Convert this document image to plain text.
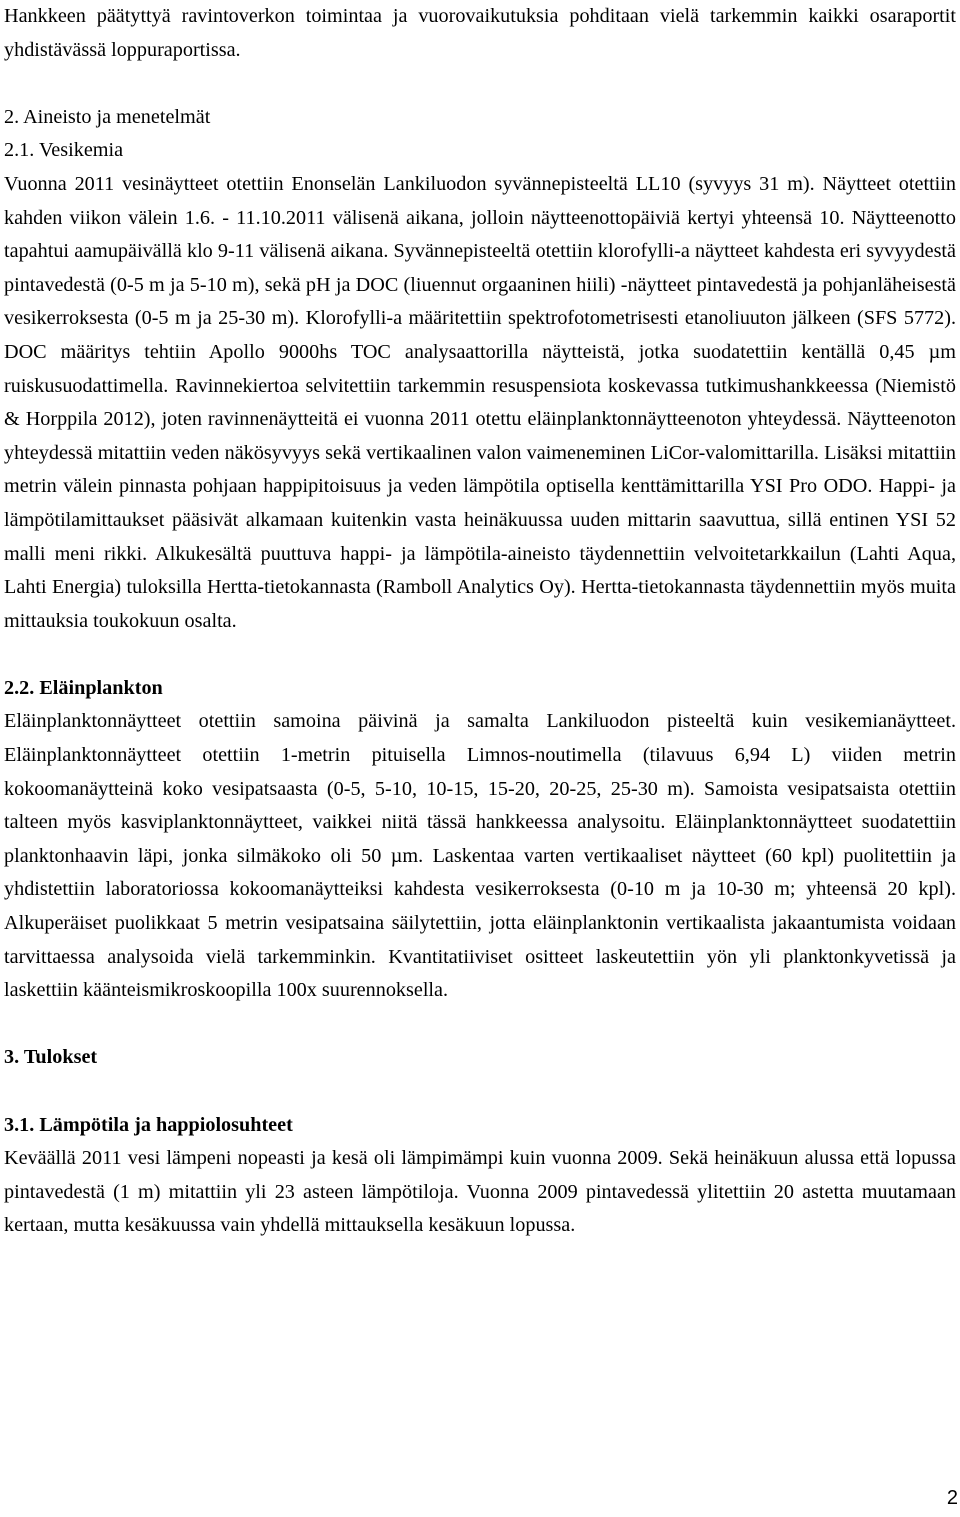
Hankkeen päätyttyä ravintoverkon toimintaa ja vuorovaikutuksia pohditaan vielä tarkemmin kaikki osaraportit yhdistävässä loppuraportissa.

2. Aineisto ja menetelmät

2.1. Vesikemia

Vuonna 2011 vesinäytteet otettiin Enonselän Lankiluodon syvännepisteeltä LL10 (syvyys 31 m). Näytteet otettiin kahden viikon välein 1.6. - 11.10.2011 välisenä aikana, jolloin näytteenottopäiviä kertyi yhteensä 10. Näytteenotto tapahtui aamupäivällä klo 9-11 välisenä aikana. Syvännepisteeltä otettiin klorofylli-a näytteet kahdesta eri syvyydestä pintavedestä (0-5 m ja 5-10 m), sekä pH ja DOC (liuennut orgaaninen hiili) -näytteet pintavedestä ja pohjanläheisestä vesikerroksesta (0-5 m ja 25-30 m). Klorofylli-a määritettiin spektrofotometrisesti etanoliuuton jälkeen (SFS 5772). DOC määritys tehtiin Apollo 9000hs TOC analysaattorilla näytteistä, jotka suodatettiin kentällä 0,45 µm ruiskusuodattimella. Ravinnekiertoa selvitettiin tarkemmin resuspensiota koskevassa tutkimushankkeessa (Niemistö & Horppila 2012), joten ravinnenäytteitä ei vuonna 2011 otettu eläinplanktonnäytteenoton yhteydessä. Näytteenoton yhteydessä mitattiin veden näkösyvyys sekä vertikaalinen valon vaimeneminen LiCor-valomittarilla. Lisäksi mitattiin metrin välein pinnasta pohjaan happipitoisuus ja veden lämpötila optisella kenttämittarilla YSI Pro ODO. Happi- ja lämpötilamittaukset pääsivät alkamaan kuitenkin vasta heinäkuussa uuden mittarin saavuttua, sillä entinen YSI 52 malli meni rikki. Alkukesältä puuttuva happi- ja lämpötila-aineisto täydennettiin velvoitetarkkailun (Lahti Aqua, Lahti Energia) tuloksilla Hertta-tietokannasta (Ramboll Analytics Oy). Hertta-tietokannasta täydennettiin myös muita mittauksia toukokuun osalta.

2.2. Eläinplankton

Eläinplanktonnäytteet otettiin samoina päivinä ja samalta Lankiluodon pisteeltä kuin vesikemianäytteet. Eläinplanktonnäytteet otettiin 1-metrin pituisella Limnos-noutimella (tilavuus 6,94 L) viiden metrin kokoomanäytteinä koko vesipatsaasta (0-5, 5-10, 10-15, 15-20, 20-25, 25-30 m). Samoista vesipatsaista otettiin talteen myös kasviplanktonnäytteet, vaikkei niitä tässä hankkeessa analysoitu. Eläinplanktonnäytteet suodatettiin planktonhaavin läpi, jonka silmäkoko oli 50 µm. Laskentaa varten vertikaaliset näytteet (60 kpl) puolitettiin ja yhdistettiin laboratoriossa kokoomanäytteiksi kahdesta vesikerroksesta (0-10 m ja 10-30 m; yhteensä 20 kpl). Alkuperäiset puolikkaat 5 metrin vesipatsaina säilytettiin, jotta eläinplanktonin vertikaalista jakaantumista voidaan tarvittaessa analysoida vielä tarkemminkin. Kvantitatiiviset ositteet laskeutettiin yön yli planktonkyvetissä ja laskettiin käänteismikroskoopilla 100x suurennoksella.

3. Tulokset

3.1. Lämpötila ja happiolosuhteet

Keväällä 2011 vesi lämpeni nopeasti ja kesä oli lämpimämpi kuin vuonna 2009. Sekä heinäkuun alussa että lopussa pintavedestä (1 m) mitattiin yli 23 asteen lämpötiloja. Vuonna 2009 pintavedessä ylitettiin 20 astetta muutamaan kertaan, mutta kesäkuussa vain yhdellä mittauksella kesäkuun lopussa.

2
